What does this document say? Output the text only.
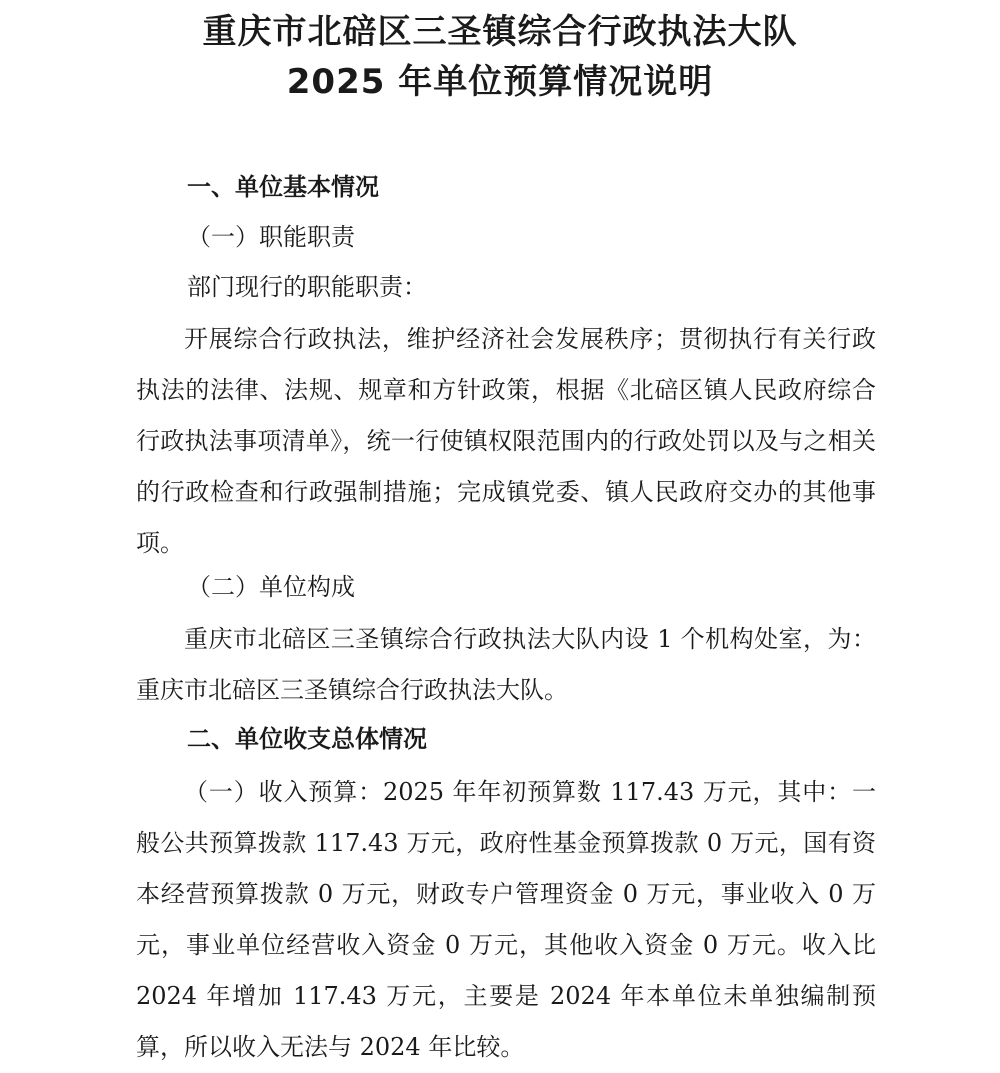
重庆市北碚区三圣镇综合行政执法大队
2025 年单位预算情况说明
一、单位基本情况
（一）职能职责
部门现行的职能职责：
开展综合行政执法，维护经济社会发展秩序；贯彻执行有关行政执法的法律、法规、规章和方针政策，根据《北碚区镇人民政府综合行政执法事项清单》，统一行使镇权限范围内的行政处罚以及与之相关的行政检查和行政强制措施；完成镇党委、镇人民政府交办的其他事项。
（二）单位构成
重庆市北碚区三圣镇综合行政执法大队内设 1 个机构处室，为：重庆市北碚区三圣镇综合行政执法大队。
二、单位收支总体情况
（一）收入预算：2025 年年初预算数 117.43 万元，其中：一般公共预算拨款 117.43 万元，政府性基金预算拨款 0 万元，国有资本经营预算拨款 0 万元，财政专户管理资金 0 万元，事业收入 0 万元，事业单位经营收入资金 0 万元，其他收入资金 0 万元。收入比 2024 年增加 117.43 万元，主要是 2024 年本单位未单独编制预算，所以收入无法与 2024 年比较。
